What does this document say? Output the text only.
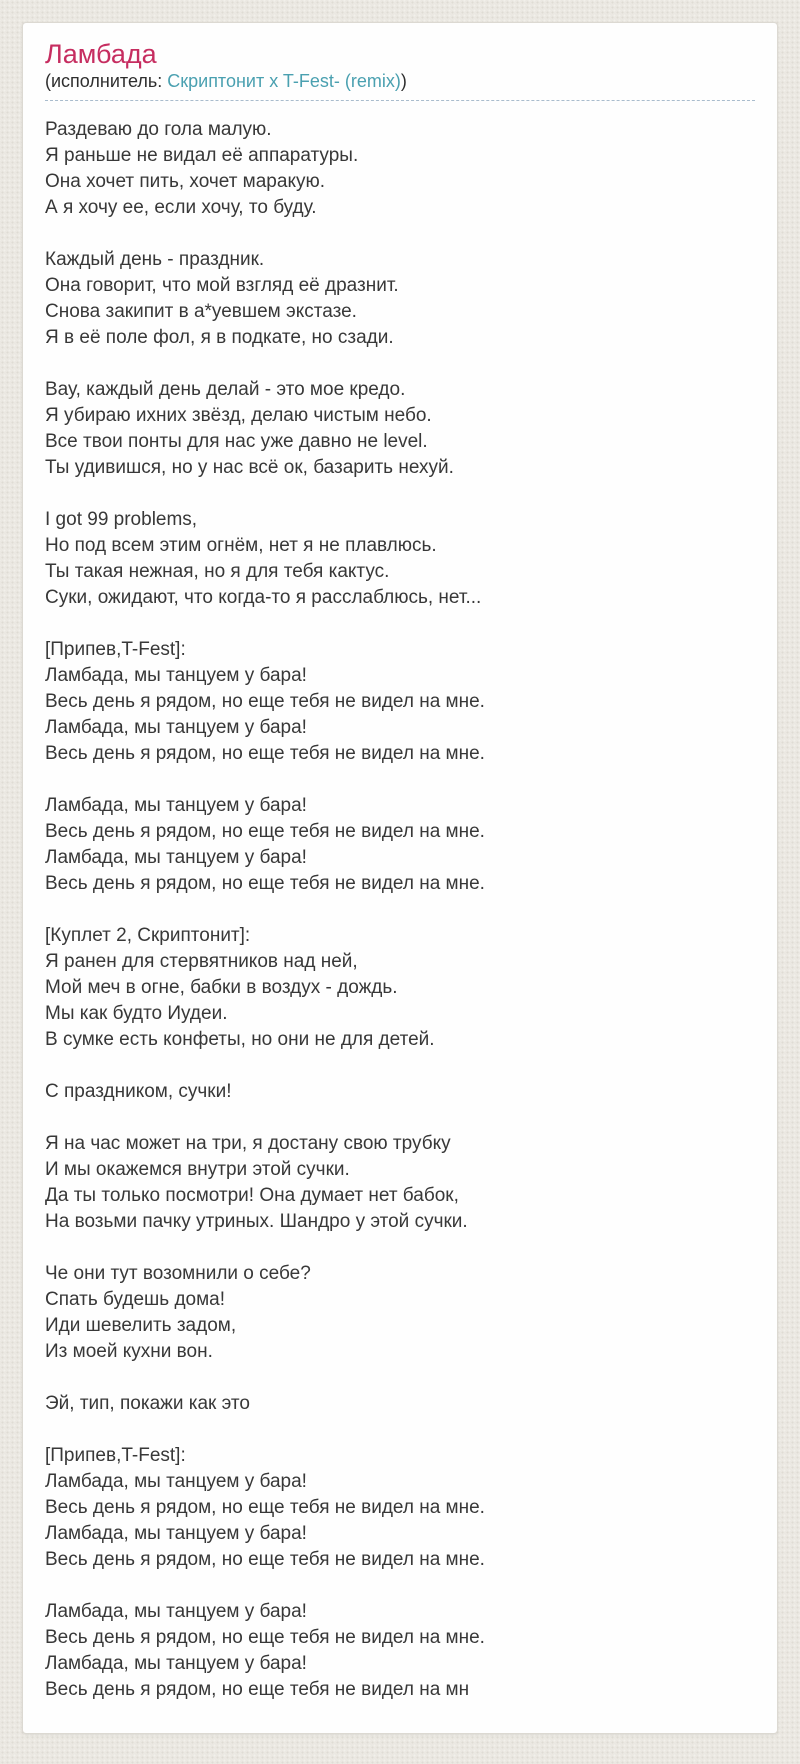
Ламбада
(исполнитель: Скриптонит x T-Fest- (remix))

Раздеваю до гола малую.
Я раньше не видал её аппаратуры.
Она хочет пить, хочет маракую.
А я хочу ее, если хочу, то буду.

Каждый день - праздник.
Она говорит, что мой взгляд её дразнит.
Снова закипит в а*уевшем экстазе.
Я в её поле фол, я в подкате, но сзади.

Вау, каждый день делай - это мое кредо.
Я убираю ихних звёзд, делаю чистым небо.
Все твои понты для нас уже давно не level.
Ты удивишся, но у нас всё ок, базарить нехуй.

I got 99 problems,
Но под всем этим огнём, нет я не плавлюсь.
Ты такая нежная, но я для тебя кактус.
Суки, ожидают, что когда-то я расслаблюсь, нет...

[Припев,T-Fest]:
Ламбада, мы танцуем у бара!
Весь день я рядом, но еще тебя не видел на мне.
Ламбада, мы танцуем у бара!
Весь день я рядом, но еще тебя не видел на мне.

Ламбада, мы танцуем у бара!
Весь день я рядом, но еще тебя не видел на мне.
Ламбада, мы танцуем у бара!
Весь день я рядом, но еще тебя не видел на мне.

[Куплет 2, Скриптонит]:
Я ранен для стервятников над ней,
Мой меч в огне, бабки в воздух - дождь.
Мы как будто Иудеи.
В сумке есть конфеты, но они не для детей.

С праздником, сучки!

Я на час может на три, я достану свою трубку
И мы окажемся внутри этой сучки.
Да ты только посмотри! Она думает нет бабок,
На возьми пачку утриных. Шандро у этой сучки.

Че они тут возомнили о себе?
Спать будешь дома!
Иди шевелить задом,
Из моей кухни вон.

Эй, тип, покажи как это

[Припев,T-Fest]:
Ламбада, мы танцуем у бара!
Весь день я рядом, но еще тебя не видел на мне.
Ламбада, мы танцуем у бара!
Весь день я рядом, но еще тебя не видел на мне.

Ламбада, мы танцуем у бара!
Весь день я рядом, но еще тебя не видел на мне.
Ламбада, мы танцуем у бара!
Весь день я рядом, но еще тебя не видел на мн
